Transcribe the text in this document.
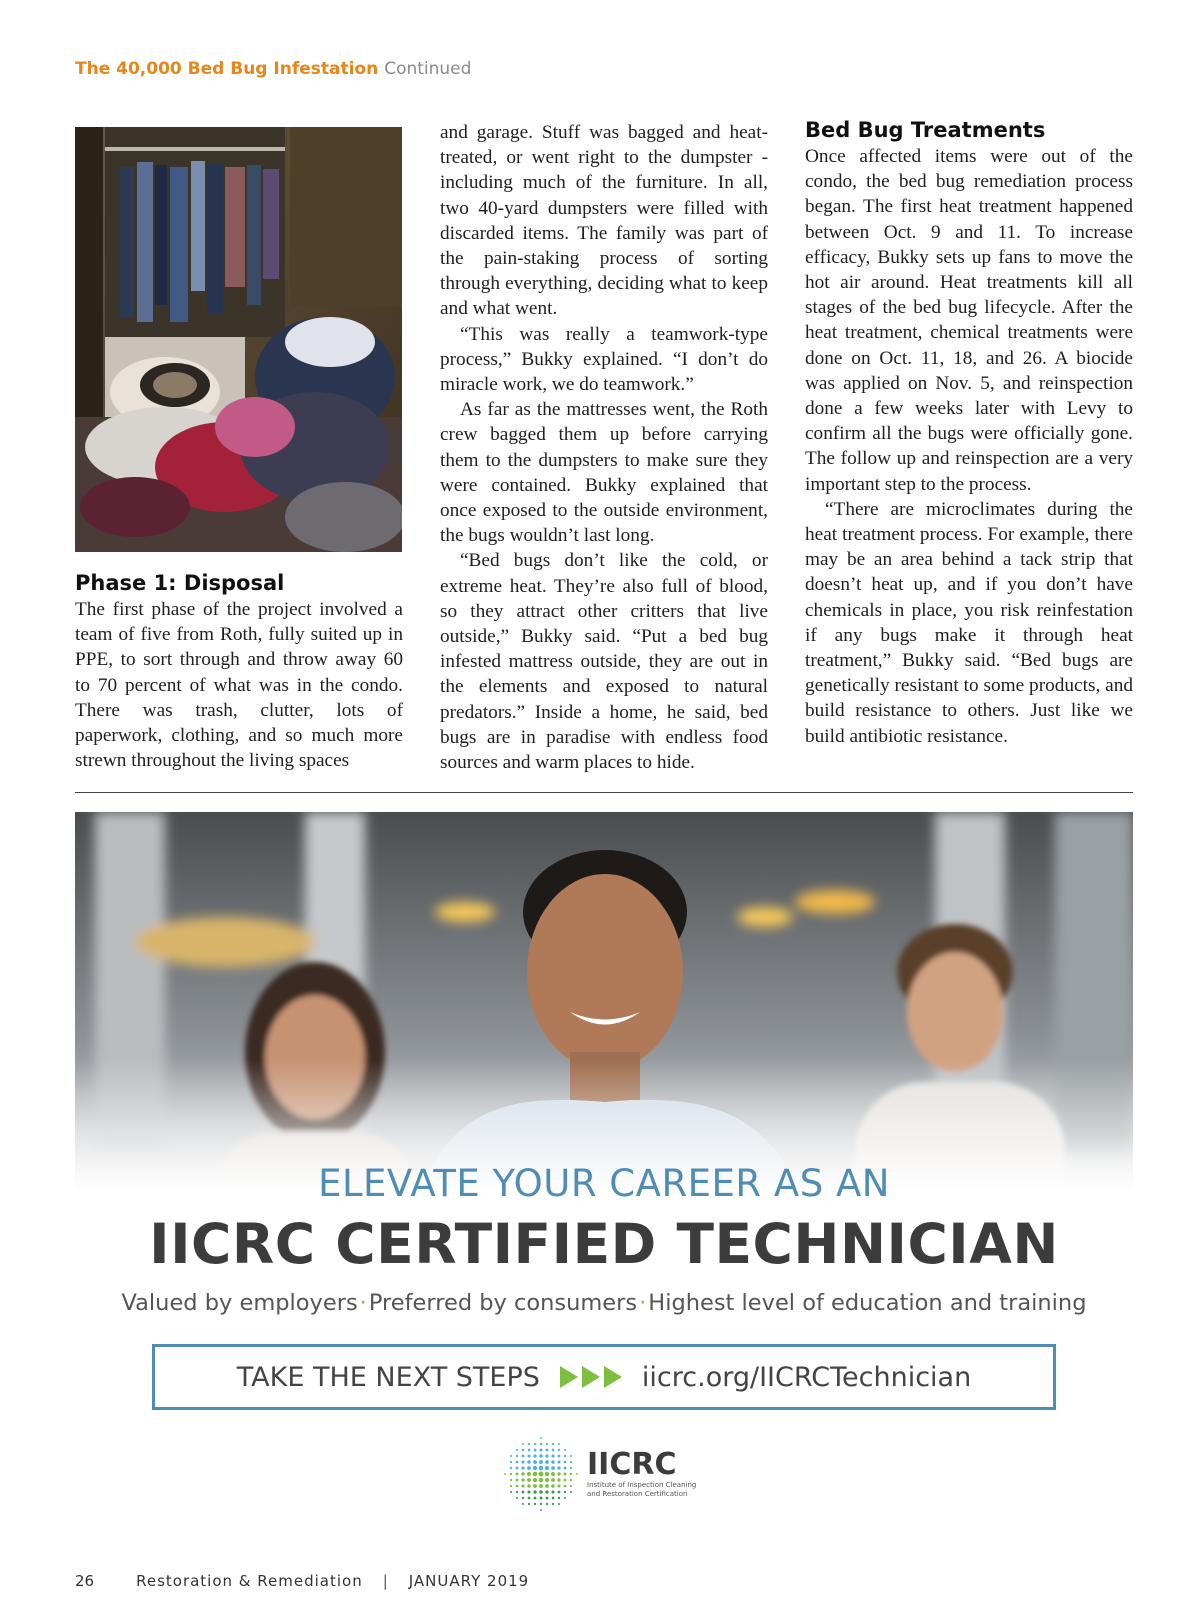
The 40,000 Bed Bug Infestation Continued
Phase 1: Disposal

The first phase of the project involved a team of five from Roth, fully suited up in PPE, to sort through and throw away 60 to 70 percent of what was in the condo. There was trash, clutter, lots of paperwork, clothing, and so much more strewn throughout the living spaces

and garage. Stuff was bagged and heat-treated, or went right to the dumpster - including much of the furniture. In all, two 40-yard dumpsters were filled with discarded items. The family was part of the pain-staking process of sorting through everything, deciding what to keep and what went.

“This was really a teamwork-type process,” Bukky explained. “I don’t do miracle work, we do teamwork.”

As far as the mattresses went, the Roth crew bagged them up before carrying them to the dumpsters to make sure they were contained. Bukky explained that once exposed to the outside environment, the bugs wouldn’t last long.

“Bed bugs don’t like the cold, or extreme heat. They’re also full of blood, so they attract other critters that live outside,” Bukky said. “Put a bed bug infested mattress outside, they are out in the elements and exposed to natural predators.” Inside a home, he said, bed bugs are in paradise with endless food sources and warm places to hide.

Bed Bug Treatments

Once affected items were out of the condo, the bed bug remediation process began. The first heat treatment happened between Oct. 9 and 11. To increase efficacy, Bukky sets up fans to move the hot air around. Heat treatments kill all stages of the bed bug lifecycle. After the heat treatment, chemical treatments were done on Oct. 11, 18, and 26. A biocide was applied on Nov. 5, and reinspection done a few weeks later with Levy to confirm all the bugs were officially gone. The follow up and reinspection are a very important step to the process.

“There are microclimates during the heat treatment process. For example, there may be an area behind a tack strip that doesn’t heat up, and if you don’t have chemicals in place, you risk reinfestation if any bugs make it through heat treatment,” Bukky said. “Bed bugs are genetically resistant to some products, and build resistance to others. Just like we build antibiotic resistance.

ELEVATE YOUR CAREER AS AN
IICRC CERTIFIED TECHNICIAN
Valued by employers·Preferred by consumers·Highest level of education and training
TAKE THE NEXT STEPS	iicrc.org/IICRCTechnician
IICRC
Institute of Inspection Cleaning
and Restoration Certification
26	Restoration & Remediation | JANUARY 2019
